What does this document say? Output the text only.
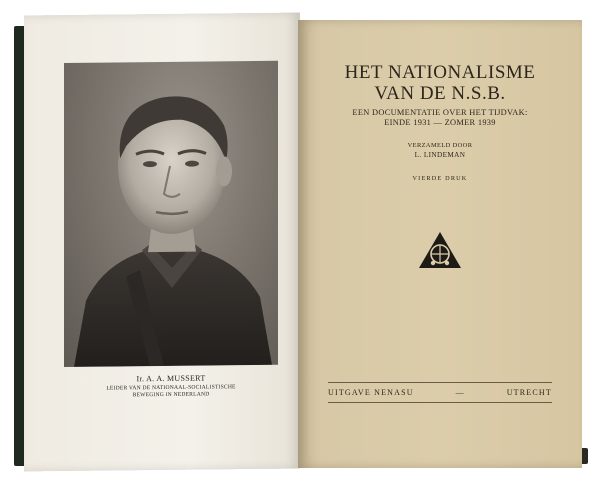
Ir. A. A. MUSSERT
LEIDER VAN DE NATIONAAL-SOCIALISTISCHE
BEWEGING IN NEDERLAND
HET NATIONALISME
VAN DE N.S.B.
EEN DOCUMENTATIE OVER HET TIJDVAK:
EINDE 1931 — ZOMER 1939
VERZAMELD DOOR
L. LINDEMAN
VIERDE DRUK
UITGAVE NENASU	—	UTRECHT
